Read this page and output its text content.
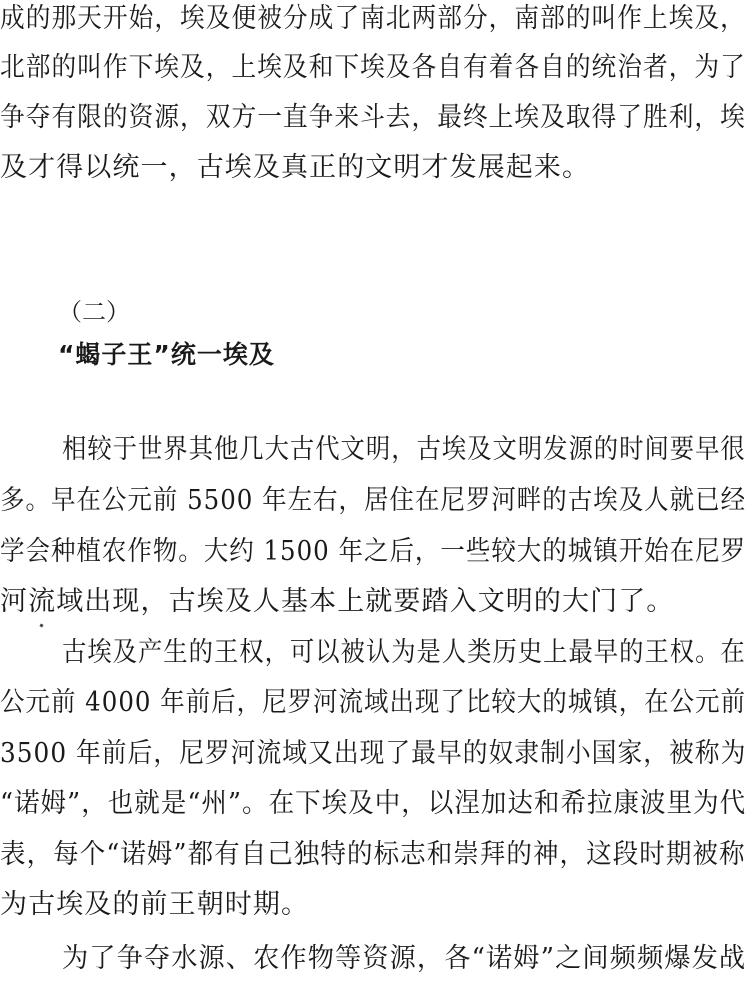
成的那天开始，埃及便被分成了南北两部分，南部的叫作上埃及，
北部的叫作下埃及，上埃及和下埃及各自有着各自的统治者，为了
争夺有限的资源，双方一直争来斗去，最终上埃及取得了胜利，埃
及才得以统一，古埃及真正的文明才发展起来。
（二）
“蝎子王”统一埃及
相较于世界其他几大古代文明，古埃及文明发源的时间要早很
多。早在公元前 5500 年左右，居住在尼罗河畔的古埃及人就已经
学会种植农作物。大约 1500 年之后，一些较大的城镇开始在尼罗
河流域出现，古埃及人基本上就要踏入文明的大门了。
古埃及产生的王权，可以被认为是人类历史上最早的王权。在
公元前 4000 年前后，尼罗河流域出现了比较大的城镇，在公元前
3500 年前后，尼罗河流域又出现了最早的奴隶制小国家，被称为
“诺姆”，也就是“州”。在下埃及中，以涅加达和希拉康波里为代
表，每个“诺姆”都有自己独特的标志和崇拜的神，这段时期被称
为古埃及的前王朝时期。
为了争夺水源、农作物等资源，各“诺姆”之间频频爆发战
